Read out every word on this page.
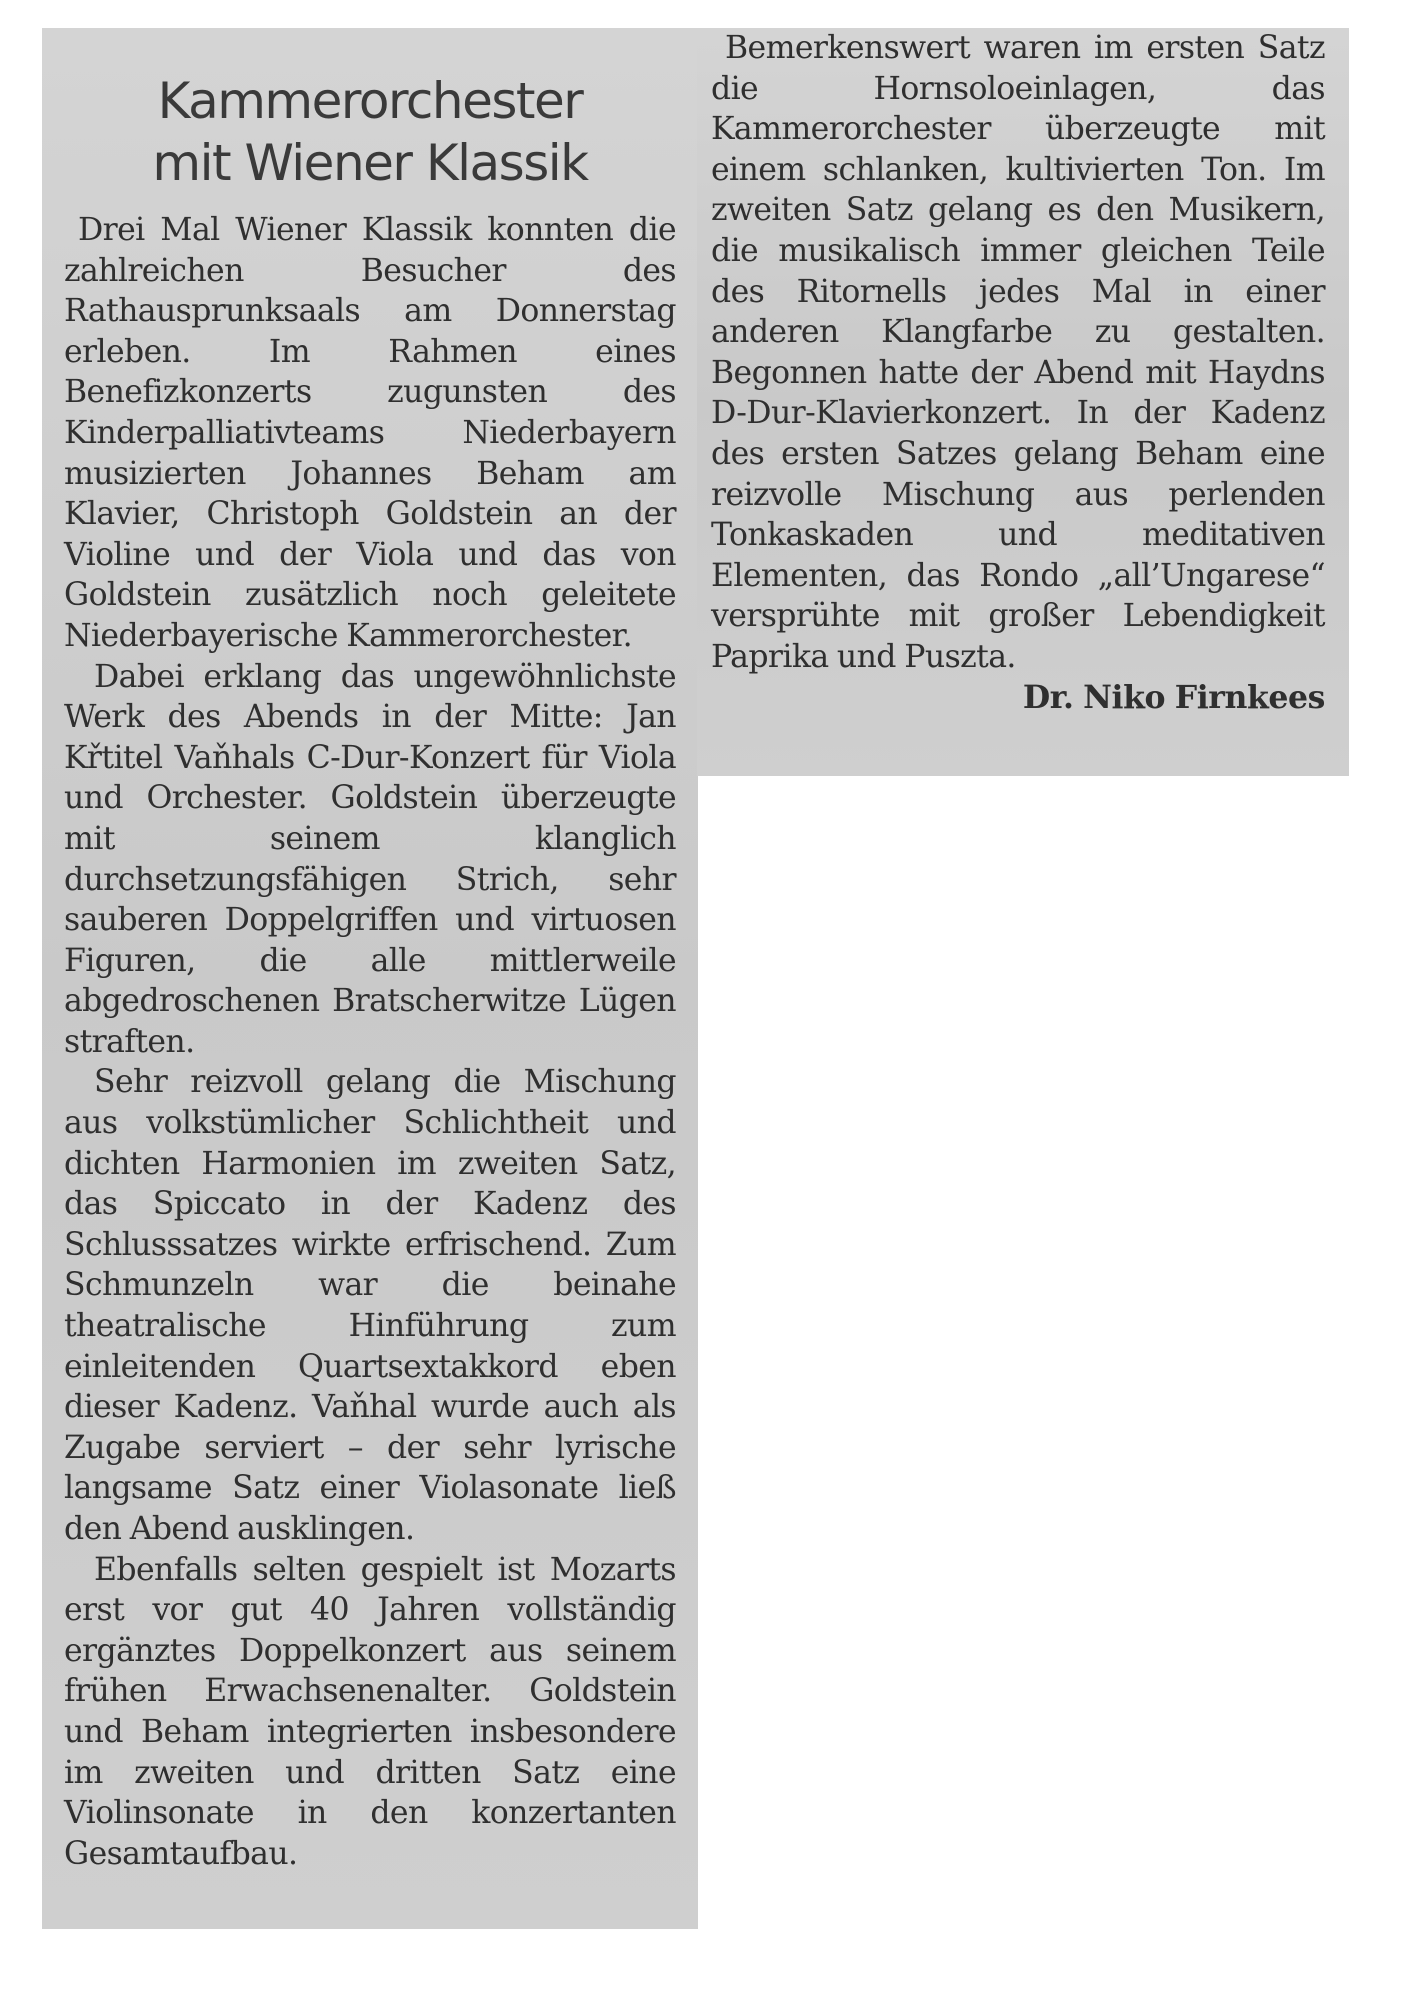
Kammerorchester
mit Wiener Klassik

Drei Mal Wiener Klassik konnten die zahlreichen Besucher des Rathausprunksaals am Donnerstag erleben. Im Rahmen eines Benefizkonzerts zugunsten des Kinderpalliativteams Niederbayern musizierten Johannes Beham am Klavier, Christoph Goldstein an der Violine und der Viola und das von Goldstein zusätzlich noch geleitete Niederbayerische Kammerorchester.

Dabei erklang das ungewöhnlichste Werk des Abends in der Mitte: Jan Křtitel Vaňhals C-Dur-Konzert für Viola und Orchester. Goldstein überzeugte mit seinem klanglich durchsetzungsfähigen Strich, sehr sauberen Doppelgriffen und virtuosen Figuren, die alle mittlerweile abgedroschenen Bratscherwitze Lügen straften.

Sehr reizvoll gelang die Mischung aus volkstümlicher Schlichtheit und dichten Harmonien im zweiten Satz, das Spiccato in der Kadenz des Schlusssatzes wirkte erfrischend. Zum Schmunzeln war die beinahe theatralische Hinführung zum einleitenden Quartsextakkord eben dieser Kadenz. Vaňhal wurde auch als Zugabe serviert – der sehr lyrische langsame Satz einer Violasonate ließ den Abend ausklingen.

Ebenfalls selten gespielt ist Mozarts erst vor gut 40 Jahren vollständig ergänztes Doppelkonzert aus seinem frühen Erwachsenenalter. Goldstein und Beham integrierten insbesondere im zweiten und dritten Satz eine Violinsonate in den konzertanten Gesamtaufbau.

Bemerkenswert waren im ersten Satz die Hornsoloeinlagen, das Kammerorchester überzeugte mit einem schlanken, kultivierten Ton. Im zweiten Satz gelang es den Musikern, die musikalisch immer gleichen Teile des Ritornells jedes Mal in einer anderen Klangfarbe zu gestalten. Begonnen hatte der Abend mit Haydns D-Dur-Klavierkonzert. In der Kadenz des ersten Satzes gelang Beham eine reizvolle Mischung aus perlenden Tonkaskaden und meditativen Elementen, das Rondo „all’Ungarese“ versprühte mit großer Lebendigkeit Paprika und Puszta.

Dr. Niko Firnkees
